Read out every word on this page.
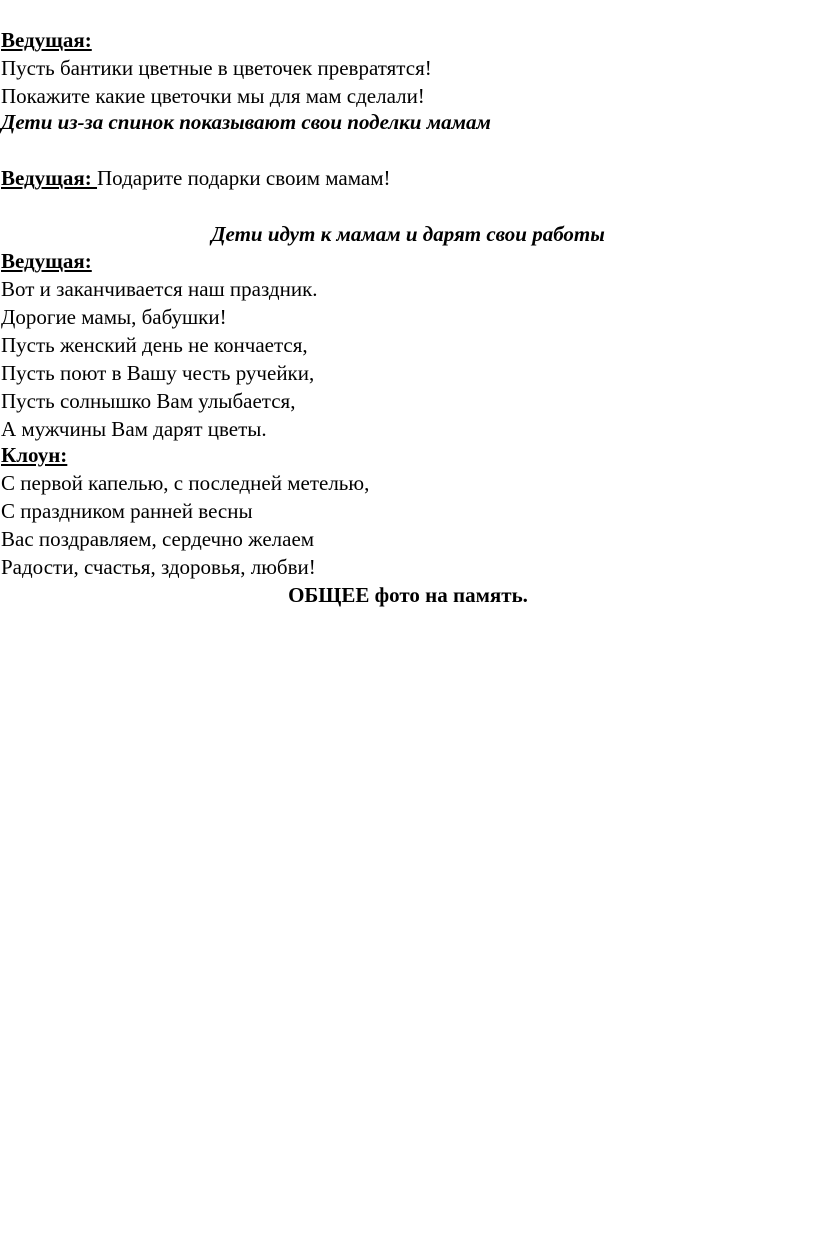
Ведущая:

Пусть бантики цветные в цветочек превратятся!

Покажите какие цветочки мы для мам сделали!

Дети из-за спинок показывают свои поделки мамам

Ведущая: Подарите подарки своим мамам!

Дети идут к мамам и дарят свои работы

Ведущая:

Вот и заканчивается наш праздник.

Дорогие мамы, бабушки!

Пусть женский день не кончается,

Пусть поют в Вашу честь ручейки,

Пусть солнышко Вам улыбается,

А мужчины Вам дарят цветы.

Клоун:

С первой капелью, с последней метелью,

С праздником ранней весны

Вас поздравляем, сердечно желаем

Радости, счастья, здоровья, любви!

ОБЩЕЕ фото на память.
